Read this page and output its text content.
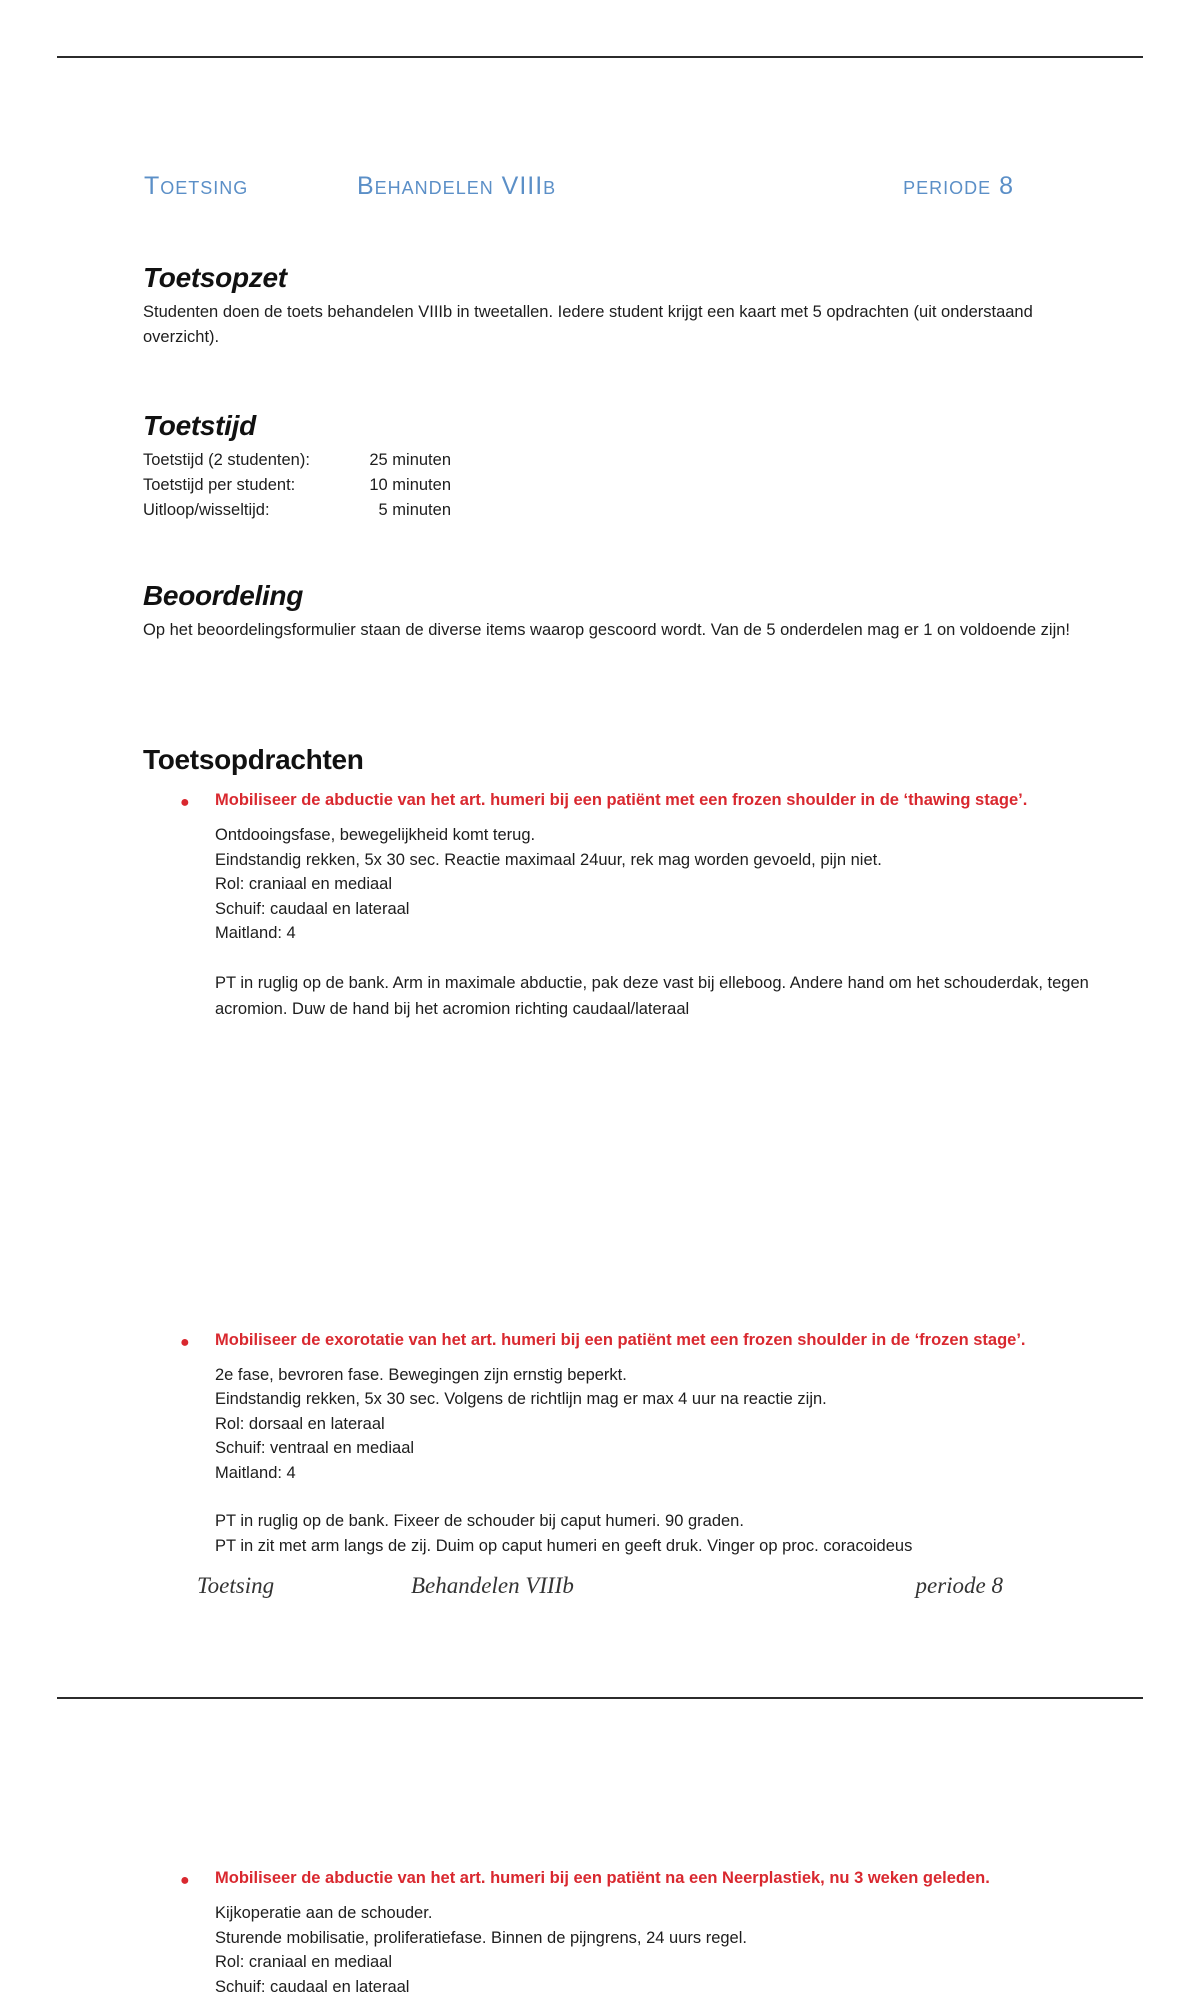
Toetsing	Behandelen VIIIb	periode 8
Toetsopzet

Studenten doen de toets behandelen VIIIb in tweetallen. Iedere student krijgt een kaart met 5 opdrachten (uit onderstaand overzicht).

Toetstijd
Toetstijd (2 studenten):	25 minuten
Toetstijd per student:	10 minuten
Uitloop/wisseltijd:	5 minuten
Beoordeling

Op het beoordelingsformulier staan de diverse items waarop gescoord wordt. Van de 5 onderdelen mag er 1 on voldoende zijn!

Toetsopdrachten
● Mobiliseer de abductie van het art. humeri bij een patiënt met een frozen shoulder in de ‘thawing stage’.

Ontdooingsfase, bewegelijkheid komt terug.
Eindstandig rekken, 5x 30 sec. Reactie maximaal 24uur, rek mag worden gevoeld, pijn niet.
Rol: craniaal en mediaal
Schuif: caudaal en lateraal
Maitland: 4
PT in ruglig op de bank. Arm in maximale abductie, pak deze vast bij elleboog. Andere hand om het schouderdak, tegen acromion. Duw de hand bij het acromion richting caudaal/lateraal
● Mobiliseer de exorotatie van het art. humeri bij een patiënt met een frozen shoulder in de ‘frozen stage’.

2e fase, bevroren fase. Bewegingen zijn ernstig beperkt.
Eindstandig rekken, 5x 30 sec. Volgens de richtlijn mag er max 4 uur na reactie zijn.
Rol: dorsaal en lateraal
Schuif: ventraal en mediaal
Maitland: 4
PT in ruglig op de bank. Fixeer de schouder bij caput humeri. 90 graden.
PT in zit met arm langs de zij. Duim op caput humeri en geeft druk. Vinger op proc. coracoideus
● Mobiliseer de abductie van het art. humeri bij een patiënt na een Neerplastiek, nu 3 weken geleden.

Kijkoperatie aan de schouder.
Sturende mobilisatie, proliferatiefase. Binnen de pijngrens, 24 uurs regel.
Rol: craniaal en mediaal
Schuif: caudaal en lateraal
Toetsing	Behandelen VIIIb	periode 8
